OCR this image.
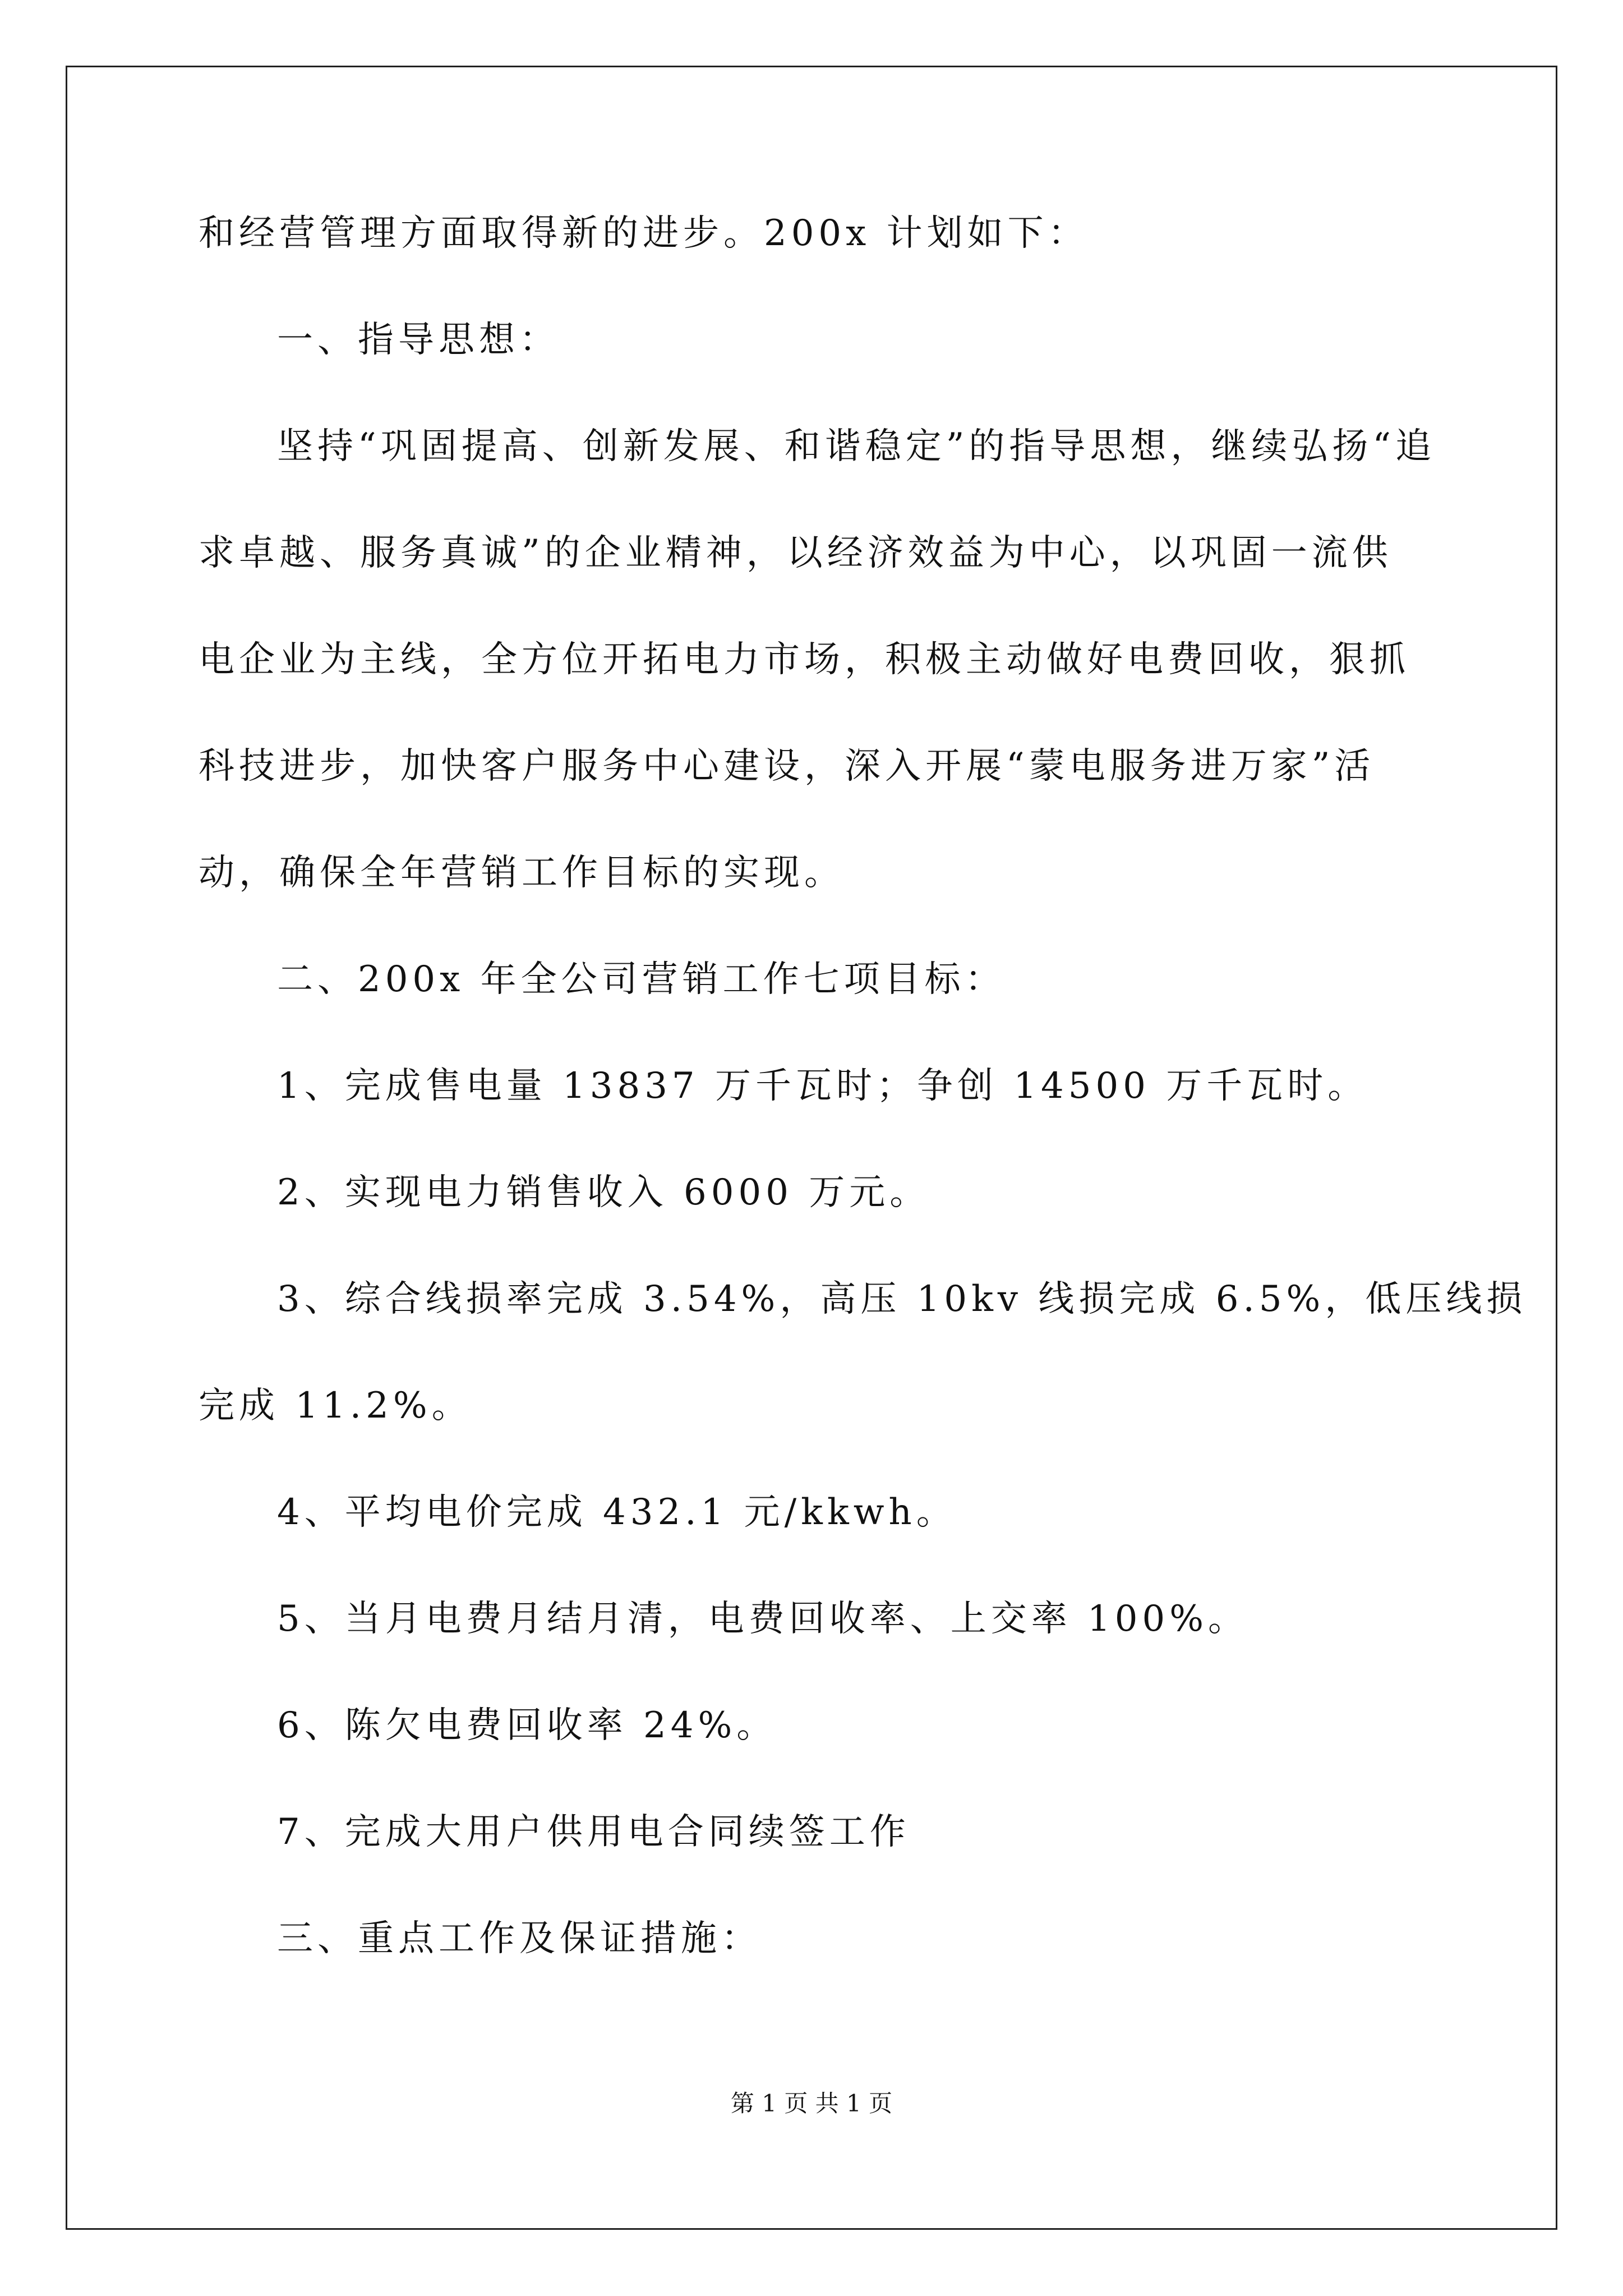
和经营管理方面取得新的进步。200x 计划如下：
一、指导思想：
坚持“巩固提高、创新发展、和谐稳定”的指导思想，继续弘扬“追
求卓越、服务真诚”的企业精神，以经济效益为中心，以巩固一流供
电企业为主线，全方位开拓电力市场，积极主动做好电费回收，狠抓
科技进步，加快客户服务中心建设，深入开展“蒙电服务进万家”活
动，确保全年营销工作目标的实现。
二、200x 年全公司营销工作七项目标：
1、完成售电量 13837 万千瓦时；争创 14500 万千瓦时。
2、实现电力销售收入 6000 万元。
3、综合线损率完成 3.54%，高压 10kv 线损完成 6.5%，低压线损
完成 11.2%。
4、平均电价完成 432.1 元/kkwh。
5、当月电费月结月清，电费回收率、上交率 100%。
6、陈欠电费回收率 24%。
7、完成大用户供用电合同续签工作
三、重点工作及保证措施：
第 1 页 共 1 页
